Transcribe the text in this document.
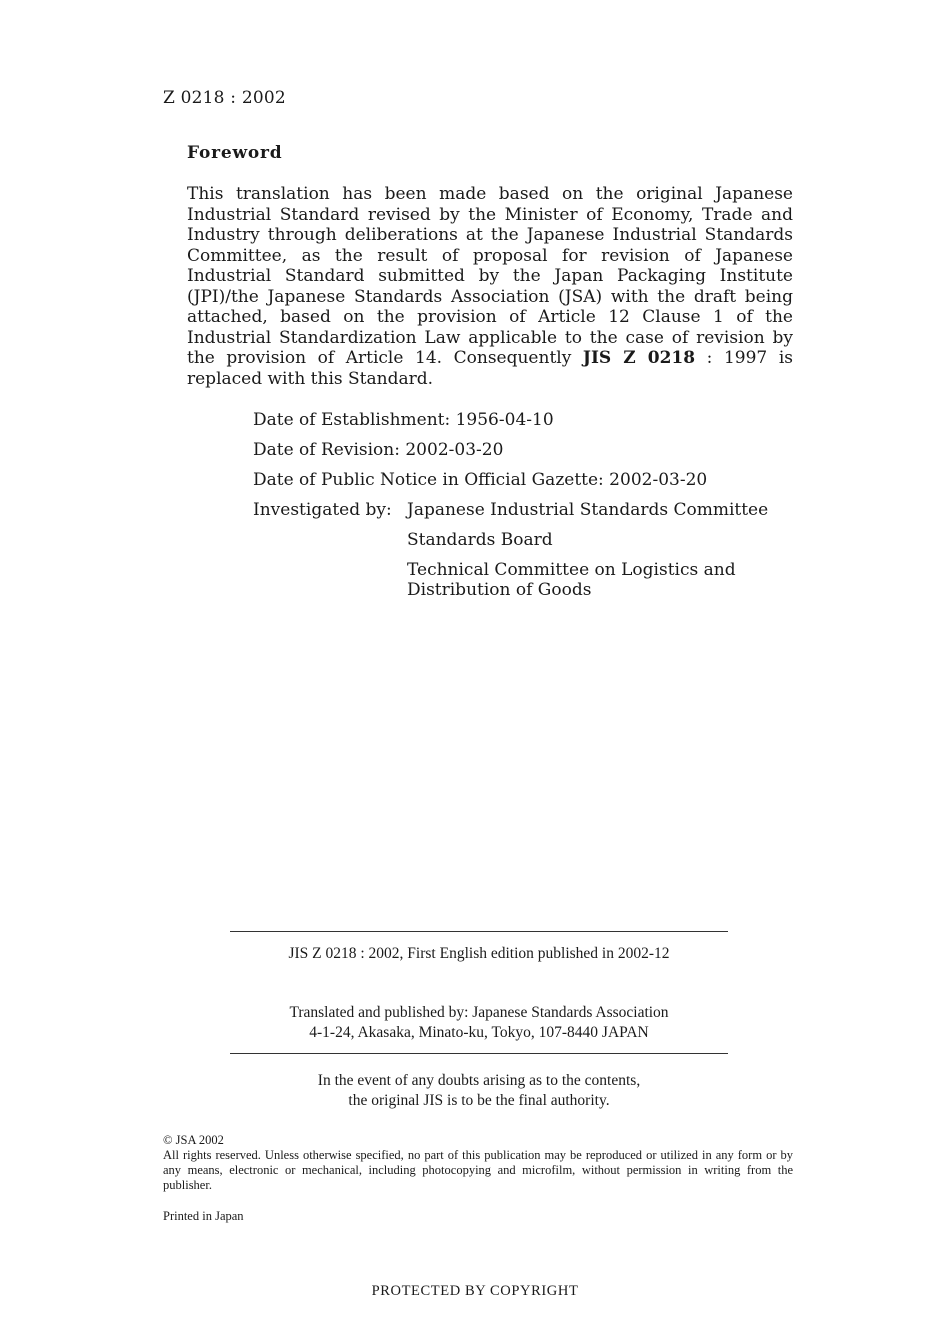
Z 0218 : 2002
Foreword
This translation has been made based on the original Japanese Industrial Standard revised by the Minister of Economy, Trade and Industry through deliberations at the Japanese Industrial Standards Committee, as the result of proposal for revision of Japanese Industrial Standard submitted by the Japan Packaging Institute (JPI)/the Japanese Standards Association (JSA) with the draft being attached, based on the provision of Article 12 Clause 1 of the Industrial Standardization Law applicable to the case of revision by the provision of Article 14. Consequently JIS Z 0218 : 1997 is replaced with this Standard.
Date of Establishment: 1956-04-10
Date of Revision: 2002-03-20
Date of Public Notice in Official Gazette: 2002-03-20
Investigated by: Japanese Industrial Standards Committee
Standards Board
Technical Committee on Logistics and Distribution of Goods
JIS Z 0218 : 2002, First English edition published in 2002-12
Translated and published by: Japanese Standards Association
4-1-24, Akasaka, Minato-ku, Tokyo, 107-8440 JAPAN
In the event of any doubts arising as to the contents,
the original JIS is to be the final authority.
© JSA 2002
All rights reserved. Unless otherwise specified, no part of this publication may be reproduced or utilized in any form or by any means, electronic or mechanical, including photocopying and microfilm, without permission in writing from the publisher.
Printed in Japan
PROTECTED BY COPYRIGHT
